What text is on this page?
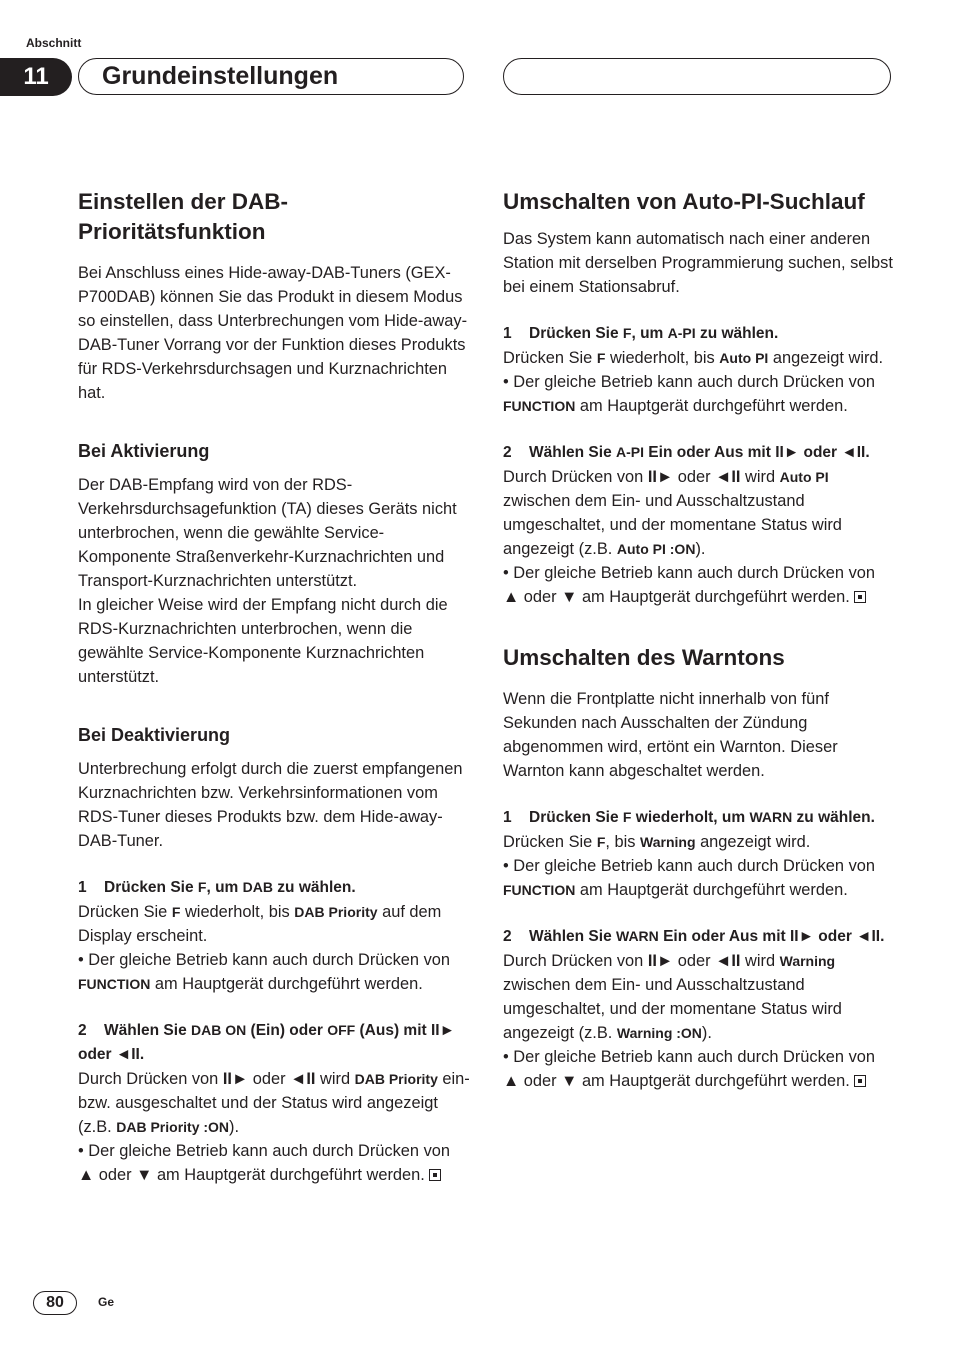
Abschnitt
11	Grundeinstellungen
Einstellen der DAB-Prioritätsfunktion

Bei Anschluss eines Hide-away-DAB-Tuners (GEX-P700DAB) können Sie das Produkt in diesem Modus so einstellen, dass Unterbrechungen vom Hide-away-DAB-Tuner Vorrang vor der Funktion dieses Produkts für RDS-Verkehrsdurchsagen und Kurznachrichten hat.

Bei Aktivierung

Der DAB-Empfang wird von der RDS-Verkehrsdurchsagefunktion (TA) dieses Geräts nicht unterbrochen, wenn die gewählte Service-Komponente Straßenverkehr-Kurznachrichten und Transport-Kurznachrichten unterstützt.

In gleicher Weise wird der Empfang nicht durch die RDS-Kurznachrichten unterbrochen, wenn die gewählte Service-Komponente Kurznachrichten unterstützt.

Bei Deaktivierung

Unterbrechung erfolgt durch die zuerst empfangenen Kurznachrichten bzw. Verkehrsinformationen vom RDS-Tuner dieses Produkts bzw. dem Hide-away-DAB-Tuner.

1 Drücken Sie F, um DAB zu wählen.

Drücken Sie F wiederholt, bis DAB Priority auf dem Display erscheint.

• Der gleiche Betrieb kann auch durch Drücken von FUNCTION am Hauptgerät durchgeführt werden.

2 Wählen Sie DAB ON (Ein) oder OFF (Aus) mit II► oder ◄II.

Durch Drücken von II► oder ◄II wird DAB Priority ein- bzw. ausgeschaltet und der Status wird angezeigt (z.B. DAB Priority :ON).

• Der gleiche Betrieb kann auch durch Drücken von ▲ oder ▼ am Hauptgerät durchgeführt werden.

Umschalten von Auto-PI-Suchlauf

Das System kann automatisch nach einer anderen Station mit derselben Programmierung suchen, selbst bei einem Stationsabruf.

1 Drücken Sie F, um A-PI zu wählen.

Drücken Sie F wiederholt, bis Auto PI angezeigt wird.

• Der gleiche Betrieb kann auch durch Drücken von FUNCTION am Hauptgerät durchgeführt werden.

2 Wählen Sie A-PI Ein oder Aus mit II► oder ◄II.

Durch Drücken von II► oder ◄II wird Auto PI zwischen dem Ein- und Ausschaltzustand umgeschaltet, und der momentane Status wird angezeigt (z.B. Auto PI :ON).

• Der gleiche Betrieb kann auch durch Drücken von ▲ oder ▼ am Hauptgerät durchgeführt werden.

Umschalten des Warntons

Wenn die Frontplatte nicht innerhalb von fünf Sekunden nach Ausschalten der Zündung abgenommen wird, ertönt ein Warnton. Dieser Warnton kann abgeschaltet werden.

1 Drücken Sie F wiederholt, um WARN zu wählen.

Drücken Sie F, bis Warning angezeigt wird.

• Der gleiche Betrieb kann auch durch Drücken von FUNCTION am Hauptgerät durchgeführt werden.

2 Wählen Sie WARN Ein oder Aus mit II► oder ◄II.

Durch Drücken von II► oder ◄II wird Warning zwischen dem Ein- und Ausschaltzustand umgeschaltet, und der momentane Status wird angezeigt (z.B. Warning :ON).

• Der gleiche Betrieb kann auch durch Drücken von ▲ oder ▼ am Hauptgerät durchgeführt werden.

80	Ge
